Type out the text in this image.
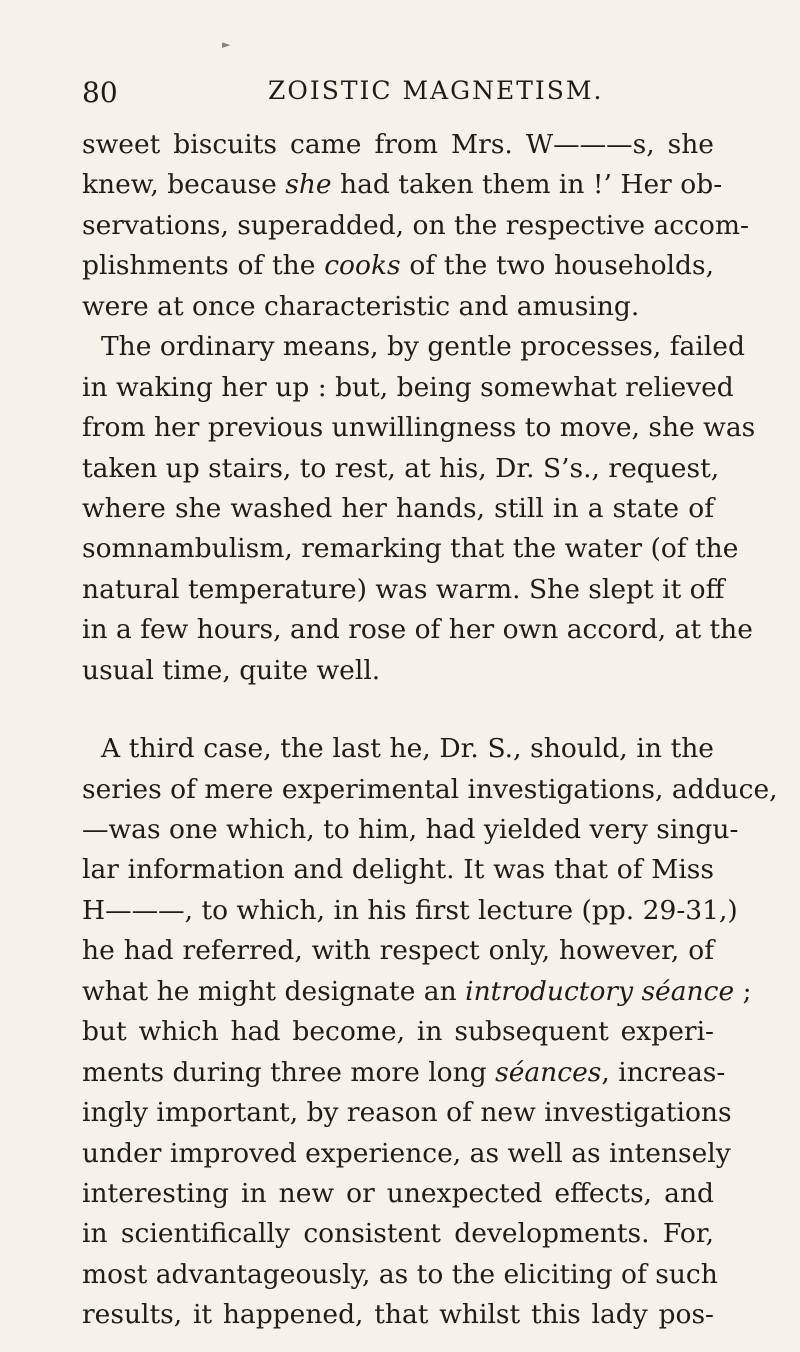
►
80	ZOISTIC MAGNETISM.
sweet biscuits came from Mrs. W———s, she
knew, because she had taken them in !’ Her ob-
servations, superadded, on the respective accom-
plishments of the cooks of the two households,
were at once characteristic and amusing.
The ordinary means, by gentle processes, failed
in waking her up : but, being somewhat relieved
from her previous unwillingness to move, she was
taken up stairs, to rest, at his, Dr. S’s., request,
where she washed her hands, still in a state of
somnambulism, remarking that the water (of the
natural temperature) was warm. She slept it off
in a few hours, and rose of her own accord, at the
usual time, quite well.
A third case, the last he, Dr. S., should, in the
series of mere experimental investigations, adduce,
—was one which, to him, had yielded very singu-
lar information and delight. It was that of Miss
H———, to which, in his first lecture (pp. 29-31,)
he had referred, with respect only, however, of
what he might designate an introductory séance ;
but which had become, in subsequent experi-
ments during three more long séances, increas-
ingly important, by reason of new investigations
under improved experience, as well as intensely
interesting in new or unexpected effects, and
in scientifically consistent developments. For,
most advantageously, as to the eliciting of such
results, it happened, that whilst this lady pos-
